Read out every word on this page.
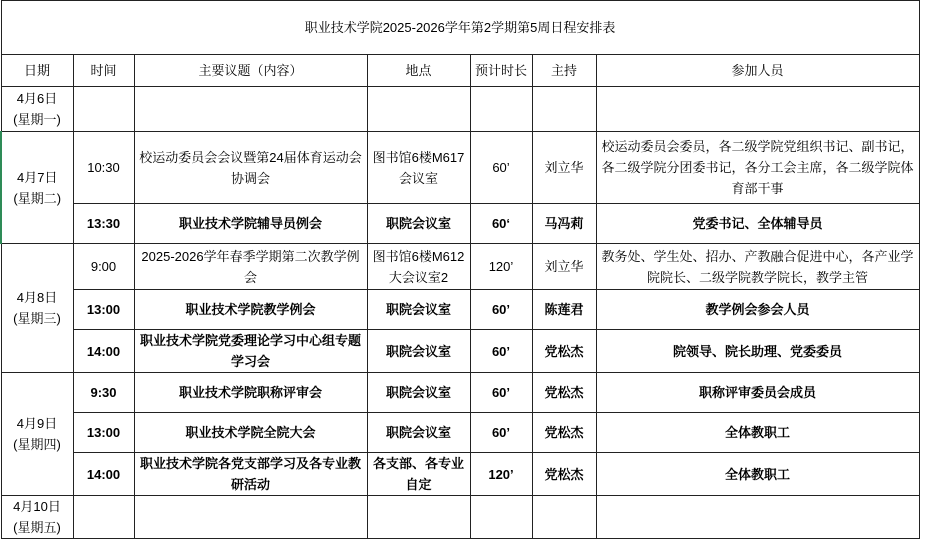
职业技术学院2025-2026学年第2学期第5周日程安排表						
日期	时间	主要议题（内容）	地点	预计时长	主持	参加人员

4月6日
(星期一)						

4月7日
(星期二)	10:30	校运动委员会会议暨第24届体育运动会协调会	图书馆6楼M617会议室	60’	刘立华	校运动委员会委员，各二级学院党组织书记、副书记，各二级学院分团委书记，各分工会主席，各二级学院体育部干事
	13:30	职业技术学院辅导员例会	职院会议室	60‘	马冯莉	党委书记、全体辅导员

4月8日
(星期三)	9:00	2025-2026学年春季学期第二次教学例会	图书馆6楼M612大会议室2	120’	刘立华	教务处、学生处、招办、产教融合促进中心，各产业学院院长、二级学院教学院长，教学主管
	13:00	职业技术学院教学例会	职院会议室	60’	陈莲君	教学例会参会人员
	14:00	职业技术学院党委理论学习中心组专题学习会	职院会议室	60’	党松杰	院领导、院长助理、党委委员

4月9日
(星期四)	9:30	职业技术学院职称评审会	职院会议室	60’	党松杰	职称评审委员会成员
	13:00	职业技术学院全院大会	职院会议室	60’	党松杰	全体教职工
	14:00	职业技术学院各党支部学习及各专业教研活动	各支部、各专业自定	120’	党松杰	全体教职工

4月10日
(星期五)						
